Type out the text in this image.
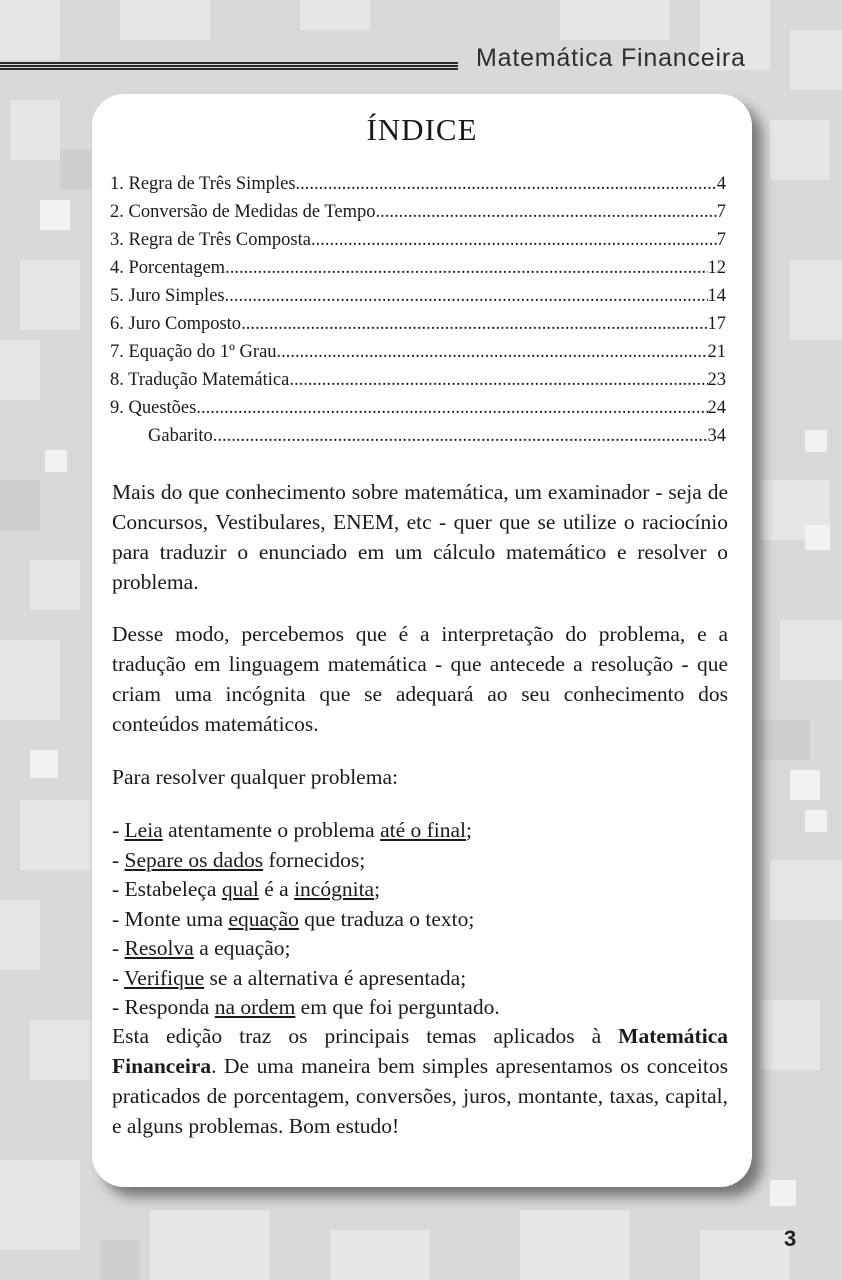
Matemática Financeira
ÍNDICE
1. Regra de Três Simples .....	4
2. Conversão de Medidas de Tempo .....	7
3. Regra de Três Composta .....	7
4. Porcentagem .....	12
5. Juro Simples .....	14
6. Juro Composto .....	17
7. Equação do 1º Grau .....	21
8. Tradução Matemática .....	23
9. Questões .....	24
Gabarito .....	34
Mais do que conhecimento sobre matemática, um examinador - seja de Concursos, Vestibulares, ENEM, etc - quer que se utilize o raciocínio para traduzir o enunciado em um cálculo matemático e resolver o problema.
Desse modo, percebemos que é a interpretação do problema, e a tradução em linguagem matemática - que antecede a resolução - que criam uma incógnita que se adequará ao seu conhecimento dos conteúdos matemáticos.
Para resolver qualquer problema:
- Leia atentamente o problema até o final;
- Separe os dados fornecidos;
- Estabeleça qual é a incógnita;
- Monte uma equação que traduza o texto;
- Resolva a equação;
- Verifique se a alternativa é apresentada;
- Responda na ordem em que foi perguntado.
Esta edição traz os principais temas aplicados à Matemática Financeira. De uma maneira bem simples apresentamos os conceitos praticados de porcentagem, conversões, juros, montante, taxas, capital, e alguns problemas. Bom estudo!
3
